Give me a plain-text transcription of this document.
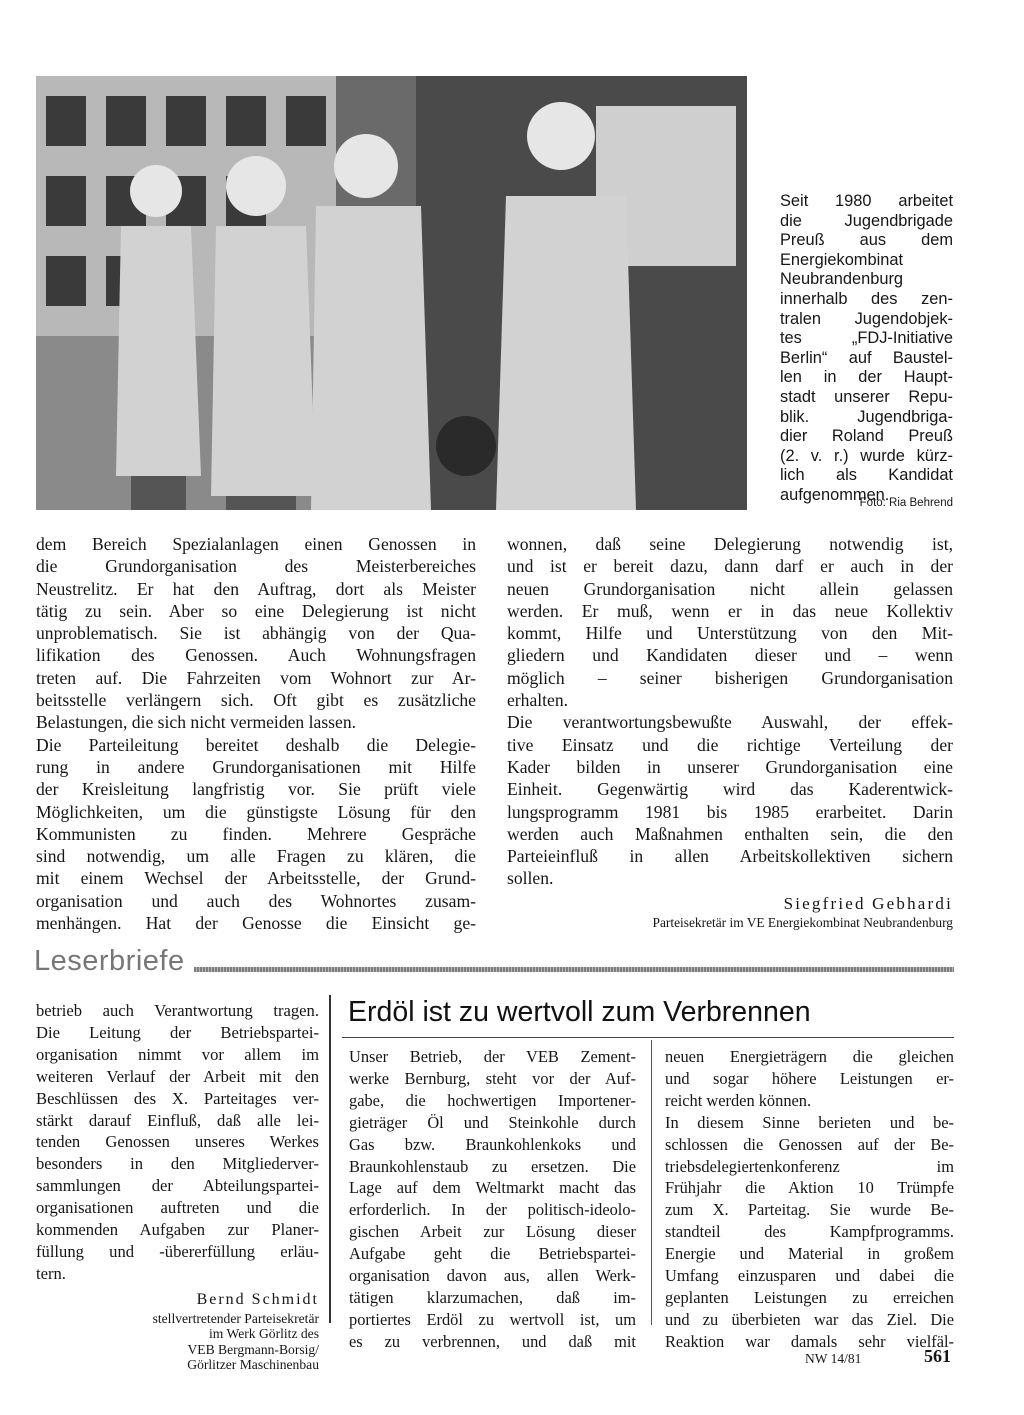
Seit 1980 arbeitet
die Jugendbrigade
Preuß aus dem
Energiekombinat
Neubrandenburg
innerhalb des zen-
tralen Jugendobjek-
tes „FDJ-Initiative
Berlin“ auf Baustel-
len in der Haupt-
stadt unserer Repu-
blik. Jugendbriga-
dier Roland Preuß
(2. v. r.) wurde kürz-
lich als Kandidat
aufgenommen.
Foto: Ria Behrend
dem Bereich Spezialanlagen einen Genossen in
die Grundorganisation des Meisterbereiches
Neustrelitz. Er hat den Auftrag, dort als Meister
tätig zu sein. Aber so eine Delegierung ist nicht
unproblematisch. Sie ist abhängig von der Qua-
lifikation des Genossen. Auch Wohnungsfragen
treten auf. Die Fahrzeiten vom Wohnort zur Ar-
beitsstelle verlängern sich. Oft gibt es zusätzliche
Belastungen, die sich nicht vermeiden lassen.
Die Parteileitung bereitet deshalb die Delegie-
rung in andere Grundorganisationen mit Hilfe
der Kreisleitung langfristig vor. Sie prüft viele
Möglichkeiten, um die günstigste Lösung für den
Kommunisten zu finden. Mehrere Gespräche
sind notwendig, um alle Fragen zu klären, die
mit einem Wechsel der Arbeitsstelle, der Grund-
organisation und auch des Wohnortes zusam-
menhängen. Hat der Genosse die Einsicht ge-
wonnen, daß seine Delegierung notwendig ist,
und ist er bereit dazu, dann darf er auch in der
neuen Grundorganisation nicht allein gelassen
werden. Er muß, wenn er in das neue Kollektiv
kommt, Hilfe und Unterstützung von den Mit-
gliedern und Kandidaten dieser und – wenn
möglich – seiner bisherigen Grundorganisation
erhalten.
Die verantwortungsbewußte Auswahl, der effek-
tive Einsatz und die richtige Verteilung der
Kader bilden in unserer Grundorganisation eine
Einheit. Gegenwärtig wird das Kaderentwick-
lungsprogramm 1981 bis 1985 erarbeitet. Darin
werden auch Maßnahmen enthalten sein, die den
Parteieinfluß in allen Arbeitskollektiven sichern
sollen.
Siegfried Gebhardi
Parteisekretär im VE Energiekombinat Neubrandenburg
Leserbriefe
betrieb auch Verantwortung tragen.
Die Leitung der Betriebspartei-
organisation nimmt vor allem im
weiteren Verlauf der Arbeit mit den
Beschlüssen des X. Parteitages ver-
stärkt darauf Einfluß, daß alle lei-
tenden Genossen unseres Werkes
besonders in den Mitgliederver-
sammlungen der Abteilungspartei-
organisationen auftreten und die
kommenden Aufgaben zur Planer-
füllung und -übererfüllung erläu-
tern.
Bernd Schmidt
stellvertretender Parteisekretär
im Werk Görlitz des
VEB Bergmann-Borsig/
Görlitzer Maschinenbau
Erdöl ist zu wertvoll zum Verbrennen
Unser Betrieb, der VEB Zement-
werke Bernburg, steht vor der Auf-
gabe, die hochwertigen Importener-
gieträger Öl und Steinkohle durch
Gas bzw. Braunkohlenkoks und
Braunkohlenstaub zu ersetzen. Die
Lage auf dem Weltmarkt macht das
erforderlich. In der politisch-ideolo-
gischen Arbeit zur Lösung dieser
Aufgabe geht die Betriebspartei-
organisation davon aus, allen Werk-
tätigen klarzumachen, daß im-
portiertes Erdöl zu wertvoll ist, um
es zu verbrennen, und daß mit
neuen Energieträgern die gleichen
und sogar höhere Leistungen er-
reicht werden können.
In diesem Sinne berieten und be-
schlossen die Genossen auf der Be-
triebsdelegiertenkonferenz im
Frühjahr die Aktion 10 Trümpfe
zum X. Parteitag. Sie wurde Be-
standteil des Kampfprogramms.
Energie und Material in großem
Umfang einzusparen und dabei die
geplanten Leistungen zu erreichen
und zu überbieten war das Ziel. Die
Reaktion war damals sehr vielfäl-
NW 14/81	561
